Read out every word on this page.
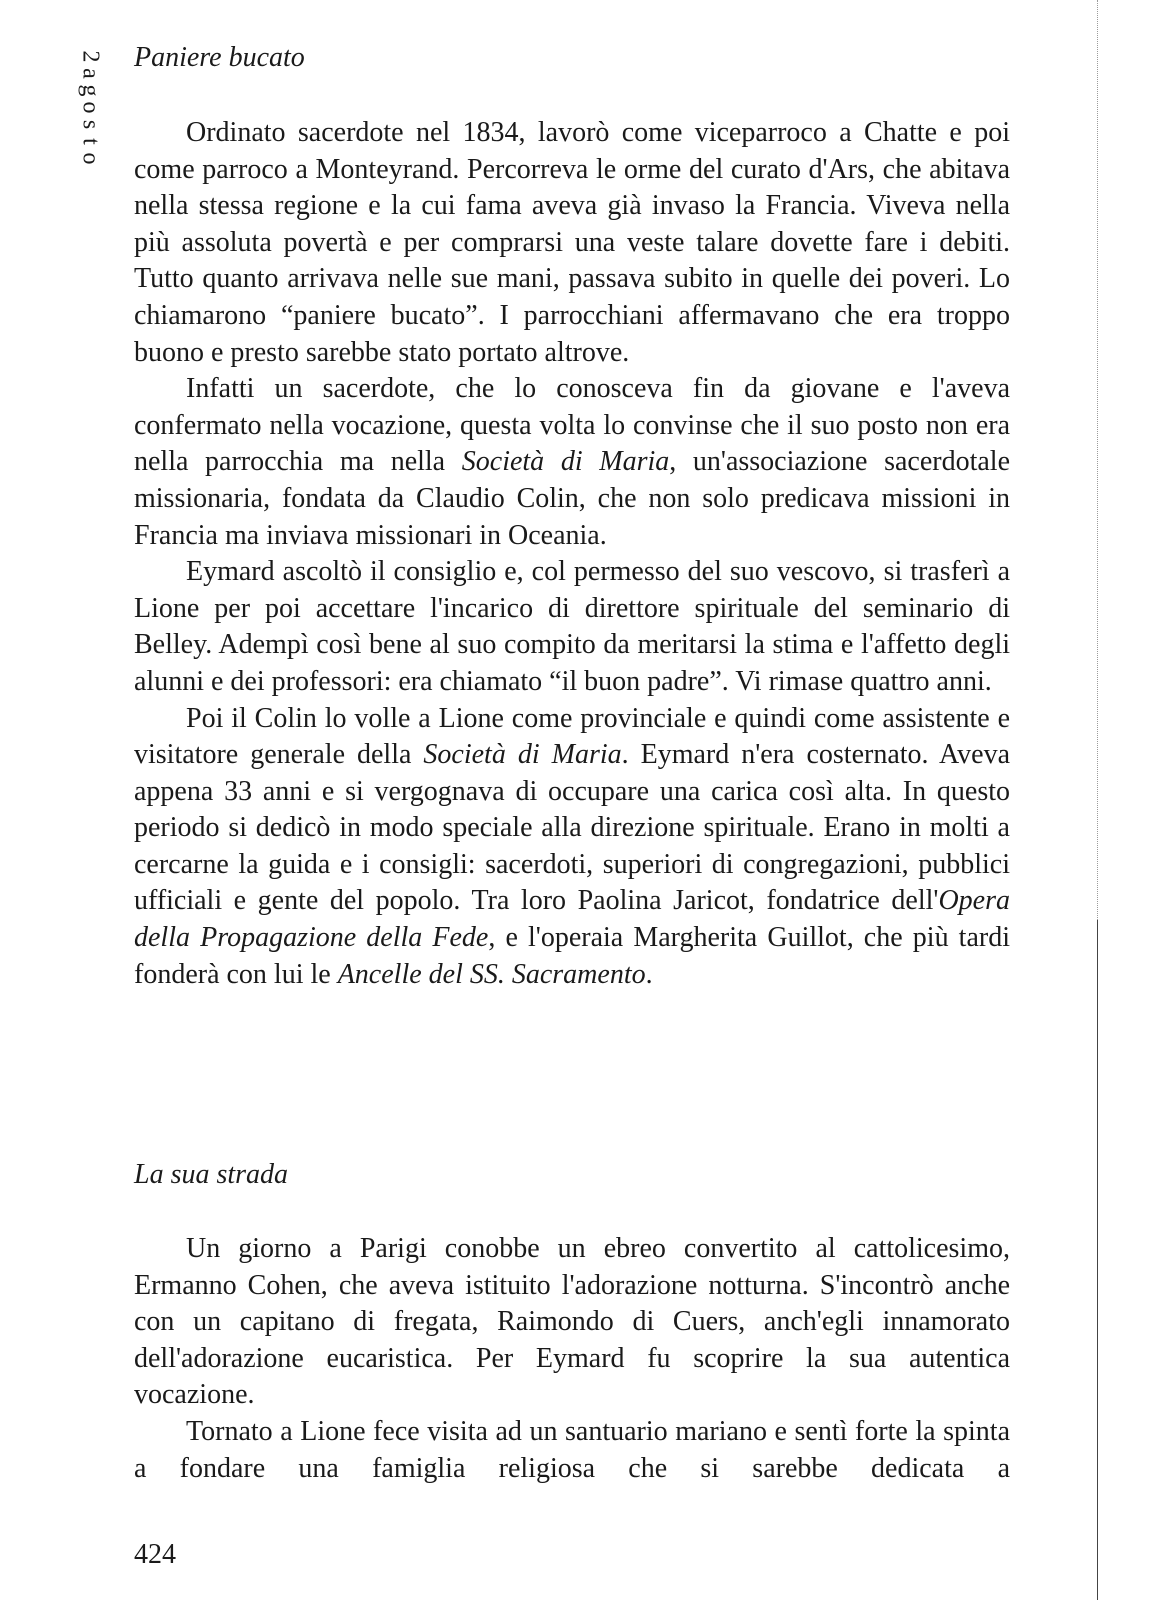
2
a
g
o
s
t
o
Paniere bucato

Ordinato sacerdote nel 1834, lavorò come viceparroco a Chatte e poi come parroco a Monteyrand. Percorreva le orme del curato d'Ars, che abitava nella stessa regione e la cui fama aveva già invaso la Francia. Viveva nella più assoluta povertà e per comprarsi una veste talare dovette fare i debiti. Tutto quanto arrivava nelle sue mani, passava subito in quelle dei poveri. Lo chiamarono “paniere bucato”. I parrocchiani affermavano che era troppo buono e presto sarebbe stato portato altrove.

Infatti un sacerdote, che lo conosceva fin da giovane e l'aveva confermato nella vocazione, questa volta lo convinse che il suo posto non era nella parrocchia ma nella Società di Maria, un'associazione sacerdotale missionaria, fondata da Claudio Colin, che non solo predicava missioni in Francia ma inviava missionari in Oceania.

Eymard ascoltò il consiglio e, col permesso del suo vescovo, si trasferì a Lione per poi accettare l'incarico di direttore spirituale del seminario di Belley. Adempì così bene al suo compito da meritarsi la stima e l'affetto degli alunni e dei professori: era chiamato “il buon padre”. Vi rimase quattro anni.

Poi il Colin lo volle a Lione come provinciale e quindi come assistente e visitatore generale della Società di Maria. Eymard n'era costernato. Aveva appena 33 anni e si vergognava di occupare una carica così alta. In questo periodo si dedicò in modo speciale alla direzione spirituale. Erano in molti a cercarne la guida e i consigli: sacerdoti, superiori di congregazioni, pubblici ufficiali e gente del popolo. Tra loro Paolina Jaricot, fondatrice dell'Opera della Propagazione della Fede, e l'operaia Margherita Guillot, che più tardi fonderà con lui le Ancelle del SS. Sacramento.

La sua strada

Un giorno a Parigi conobbe un ebreo convertito al cattolicesimo, Ermanno Cohen, che aveva istituito l'adorazione notturna. S'incontrò anche con un capitano di fregata, Raimondo di Cuers, anch'egli innamorato dell'adorazione eucaristica. Per Eymard fu scoprire la sua autentica vocazione.

Tornato a Lione fece visita ad un santuario mariano e sentì forte la spinta a fondare una famiglia religiosa che si sarebbe dedicata a

424
